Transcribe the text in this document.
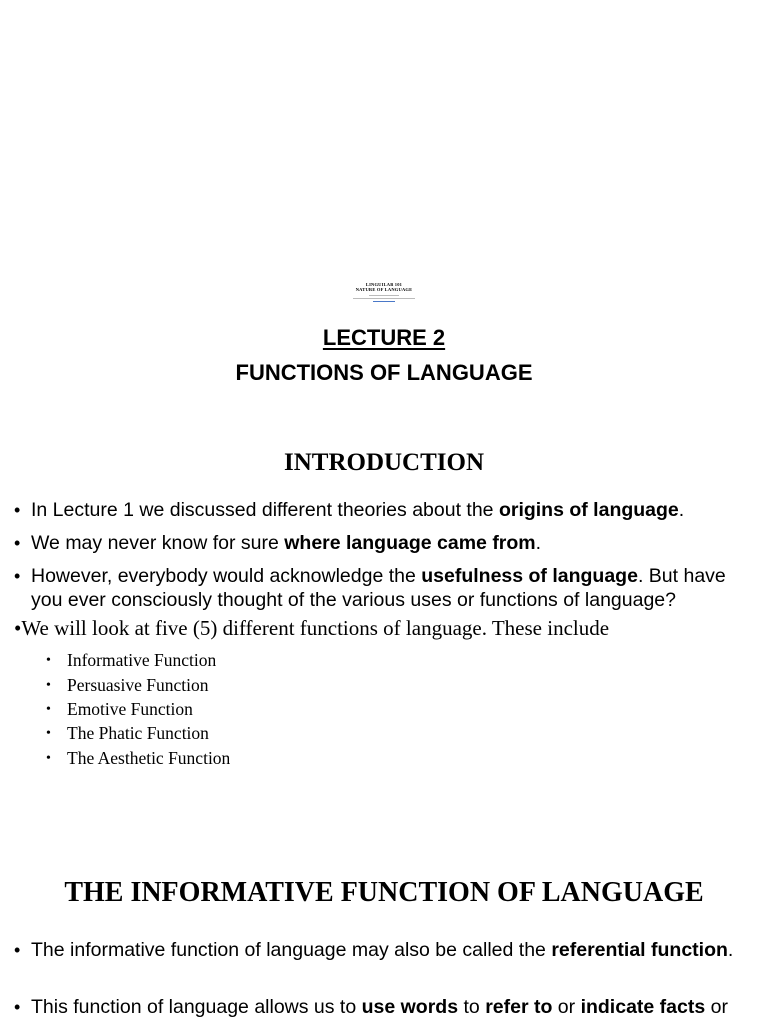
LINGUILAB 101
NATURE OF LANGUAGE
LECTURE 2
FUNCTIONS OF LANGUAGE
INTRODUCTION
• In Lecture 1 we discussed different theories about the origins of language.
• We may never know for sure where language came from.
• However, everybody would acknowledge the usefulness of language. But have you ever consciously thought of the various uses or functions of language?
•We will look at five (5) different functions of language. These include
• Informative Function
• Persuasive Function
• Emotive Function
• The Phatic Function
• The Aesthetic Function
THE INFORMATIVE FUNCTION OF LANGUAGE
• The informative function of language may also be called the referential function.
• This function of language allows us to use words to refer to or indicate facts or
